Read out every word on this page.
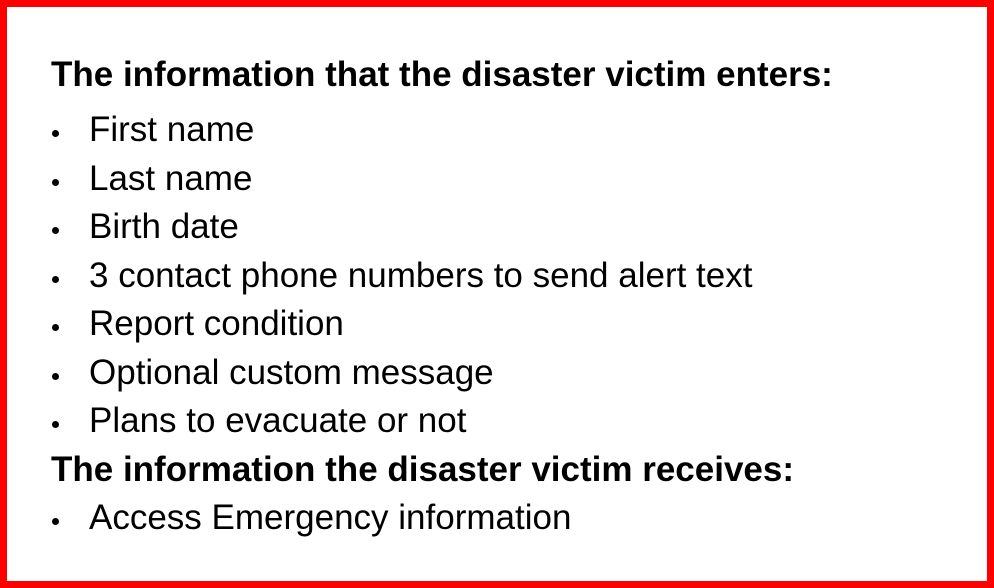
The information that the disaster victim enters:
First name
Last name
Birth date
3 contact phone numbers to send alert text
Report condition
Optional custom message
Plans to evacuate or not
The information the disaster victim receives:
Access Emergency information
